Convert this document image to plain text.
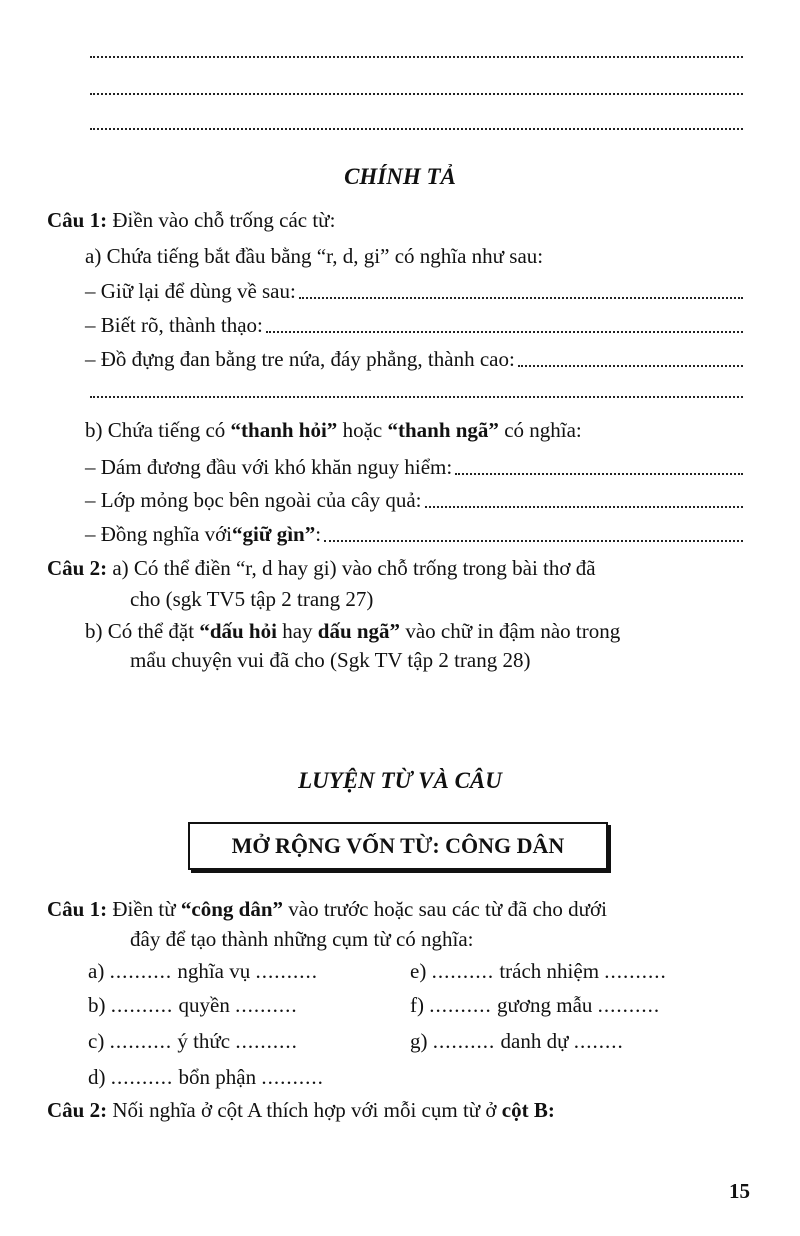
CHÍNH TẢ
Câu 1: Điền vào chỗ trống các từ:
a) Chứa tiếng bắt đầu bằng “r, d, gi” có nghĩa như sau:
– Giữ lại để dùng về sau:
– Biết rõ, thành thạo:
– Đồ đựng đan bằng tre nứa, đáy phẳng, thành cao:
b) Chứa tiếng có “thanh hỏi” hoặc “thanh ngã” có nghĩa:
– Dám đương đầu với khó khăn nguy hiểm:
– Lớp mỏng bọc bên ngoài của cây quả:
– Đồng nghĩa với “giữ gìn” :
Câu 2: a) Có thể điền “r, d hay gi) vào chỗ trống trong bài thơ đã
cho (sgk TV5 tập 2 trang 27)
b) Có thể đặt “dấu hỏi hay dấu ngã” vào chữ in đậm nào trong
mẩu chuyện vui đã cho (Sgk TV tập 2 trang 28)
LUYỆN TỪ VÀ CÂU
MỞ RỘNG VỐN TỪ: CÔNG DÂN
Câu 1: Điền từ “công dân” vào trước hoặc sau các từ đã cho dưới
đây để tạo thành những cụm từ có nghĩa:
a) .......... nghĩa vụ ..........
b) .......... quyền ..........
c) .......... ý thức ..........
d) .......... bổn phận ..........
e) .......... trách nhiệm ..........
f) .......... gương mẫu ..........
g) .......... danh dự ........
Câu 2: Nối nghĩa ở cột A thích hợp với mỗi cụm từ ở cột B:
15
